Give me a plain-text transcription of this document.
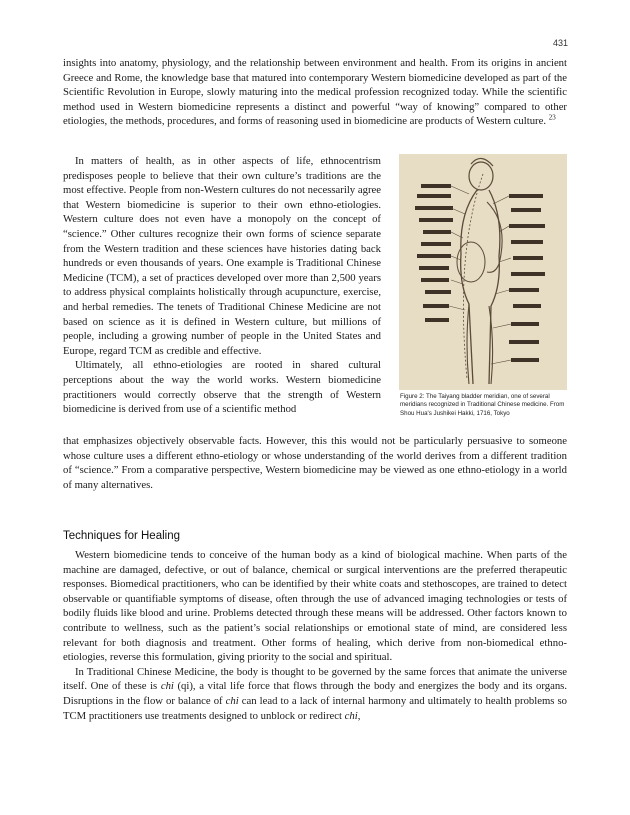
431

insights into anatomy, physiology, and the relationship between environment and health. From its origins in ancient Greece and Rome, the knowledge base that matured into contemporary Western biomedicine developed as part of the Scientific Revolution in Europe, slowly maturing into the medical profession recognized today. While the scientific method used in Western biomedicine represents a distinct and powerful “way of knowing” compared to other etiologies, the methods, procedures, and forms of reasoning used in biomedicine are products of Western culture. $^{23}$

In matters of health, as in other aspects of life, ethnocentrism predisposes people to believe that their own culture’s traditions are the most effective. People from non-Western cultures do not necessarily agree that Western biomedicine is superior to their own ethno-etiologies. Western culture does not even have a monopoly on the concept of “science.” Other cultures recognize their own forms of science separate from the Western tradition and these sciences have histories dating back hundreds or even thousands of years. One example is Traditional Chinese Medicine (TCM), a set of practices developed over more than 2,500 years to address physical complaints holistically through acupuncture, exercise, and herbal remedies. The tenets of Traditional Chinese Medicine are not based on science as it is defined in Western culture, but millions of people, including a growing number of people in the United States and Europe, regard TCM as credible and effective.

Ultimately, all ethno-etiologies are rooted in shared cultural perceptions about the way the world works. Western biomedicine practitioners would correctly observe that the strength of Western biomedicine is derived from use of a scientific method

Figure 2: The Taiyang bladder meridian, one of several meridians recognized in Traditional Chinese medicine. From Shou Hua's Jushikei Hakki, 1716, Tokyo

that emphasizes objectively observable facts. However, this this would not be particularly persuasive to someone whose culture uses a different ethno-etiology or whose understanding of the world derives from a different tradition of “science.” From a comparative perspective, Western biomedicine may be viewed as one ethno-etiology in a world of many alternatives.

Techniques for Healing

Western biomedicine tends to conceive of the human body as a kind of biological machine. When parts of the machine are damaged, defective, or out of balance, chemical or surgical interventions are the preferred therapeutic responses. Biomedical practitioners, who can be identified by their white coats and stethoscopes, are trained to detect observable or quantifiable symptoms of disease, often through the use of advanced imaging technologies or tests of bodily fluids like blood and urine. Problems detected through these means will be addressed. Other factors known to contribute to wellness, such as the patient’s social relationships or emotional state of mind, are considered less relevant for both diagnosis and treatment. Other forms of healing, which derive from non-biomedical ethno-etiologies, reverse this formulation, giving priority to the social and spiritual.

In Traditional Chinese Medicine, the body is thought to be governed by the same forces that animate the universe itself. One of these is chi (qi), a vital life force that flows through the body and energizes the body and its organs. Disruptions in the flow or balance of chi can lead to a lack of internal harmony and ultimately to health problems so TCM practitioners use treatments designed to unblock or redirect chi,
